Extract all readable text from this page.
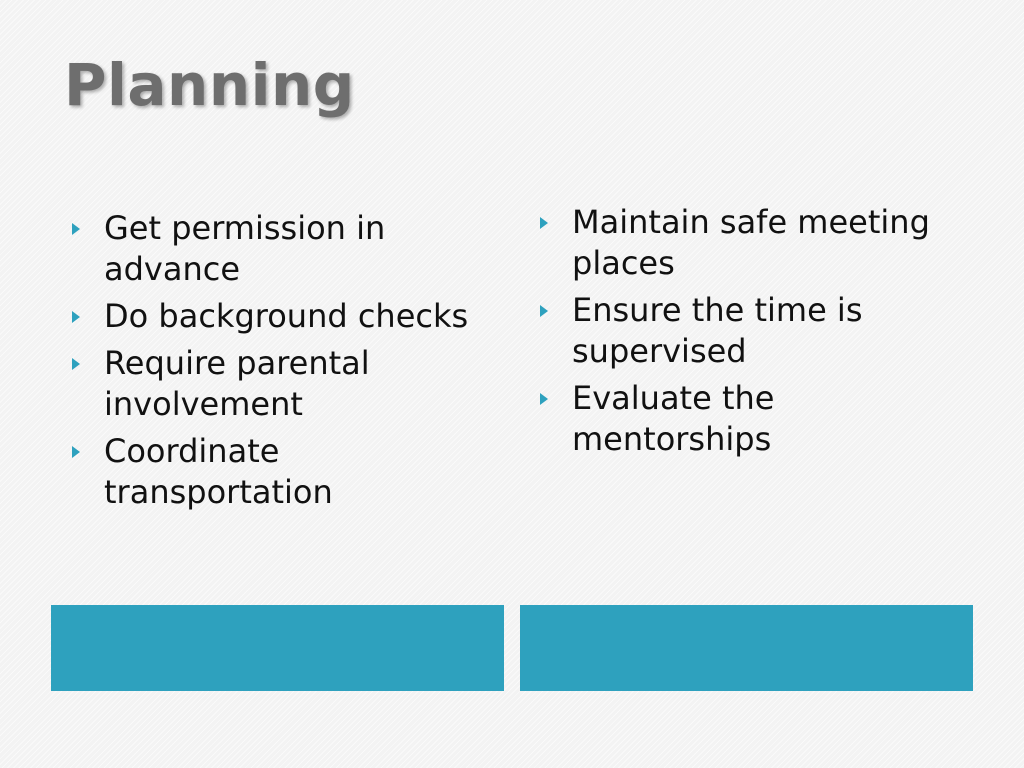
Planning
Get permission in advance
Do background checks
Require parental involvement
Coordinate transportation
Maintain safe meeting places
Ensure the time is supervised
Evaluate the mentorships
